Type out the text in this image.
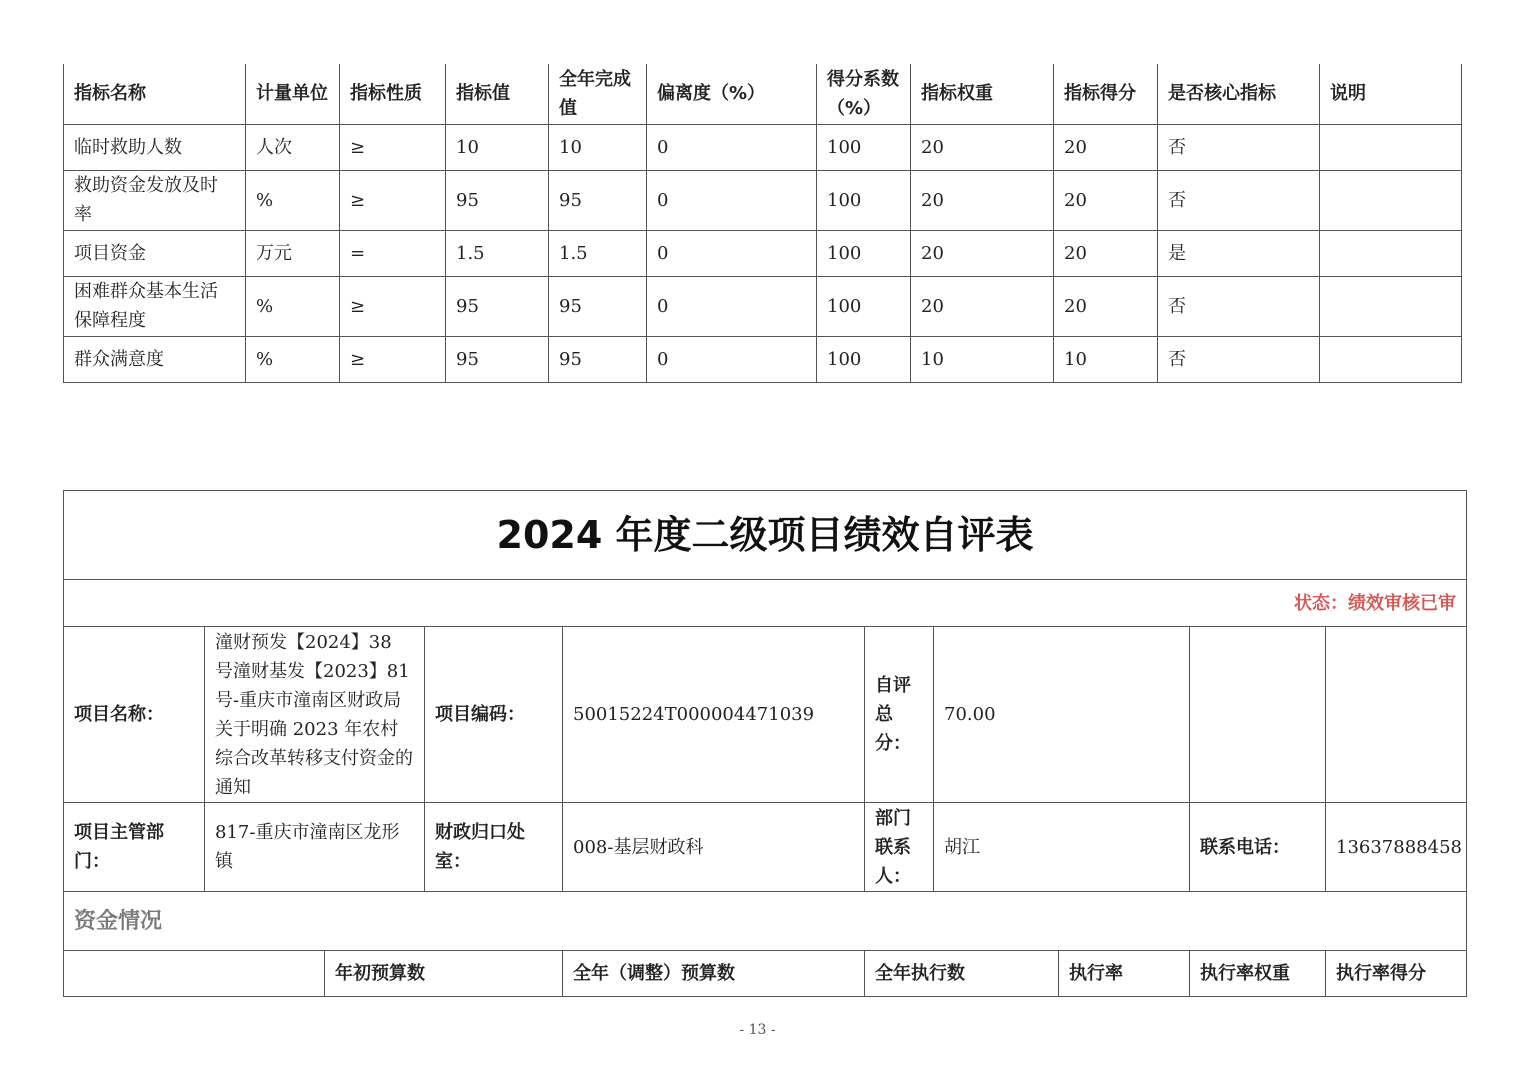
指标名称	计量单位	指标性质	指标值	全年完成值	偏离度（%）	得分系数（%）	指标权重	指标得分	是否核心指标	说明
临时救助人数	人次	≥	10	10	0	100	20	20	否	
救助资金发放及时率	%	≥	95	95	0	100	20	20	否	
项目资金	万元	=	1.5	1.5	0	100	20	20	是	
困难群众基本生活保障程度	%	≥	95	95	0	100	20	20	否	
群众满意度	%	≥	95	95	0	100	10	10	否	
2024 年度二级项目绩效自评表									
状态：绩效审核已审									
项目名称：	潼财预发【2024】38 号潼财基发【2023】81 号-重庆市潼南区财政局关于明确 2023 年农村综合改革转移支付资金的通知		项目编码：	50015224T000004471039	自评总分：	70.00			
项目主管部门：	817-重庆市潼南区龙形镇		财政归口处室：	008-基层财政科	部门联系人：	胡江		联系电话：	13637888458
资金情况									
		年初预算数		全年（调整）预算数	全年执行数		执行率	执行率权重	执行率得分
- 13 -
